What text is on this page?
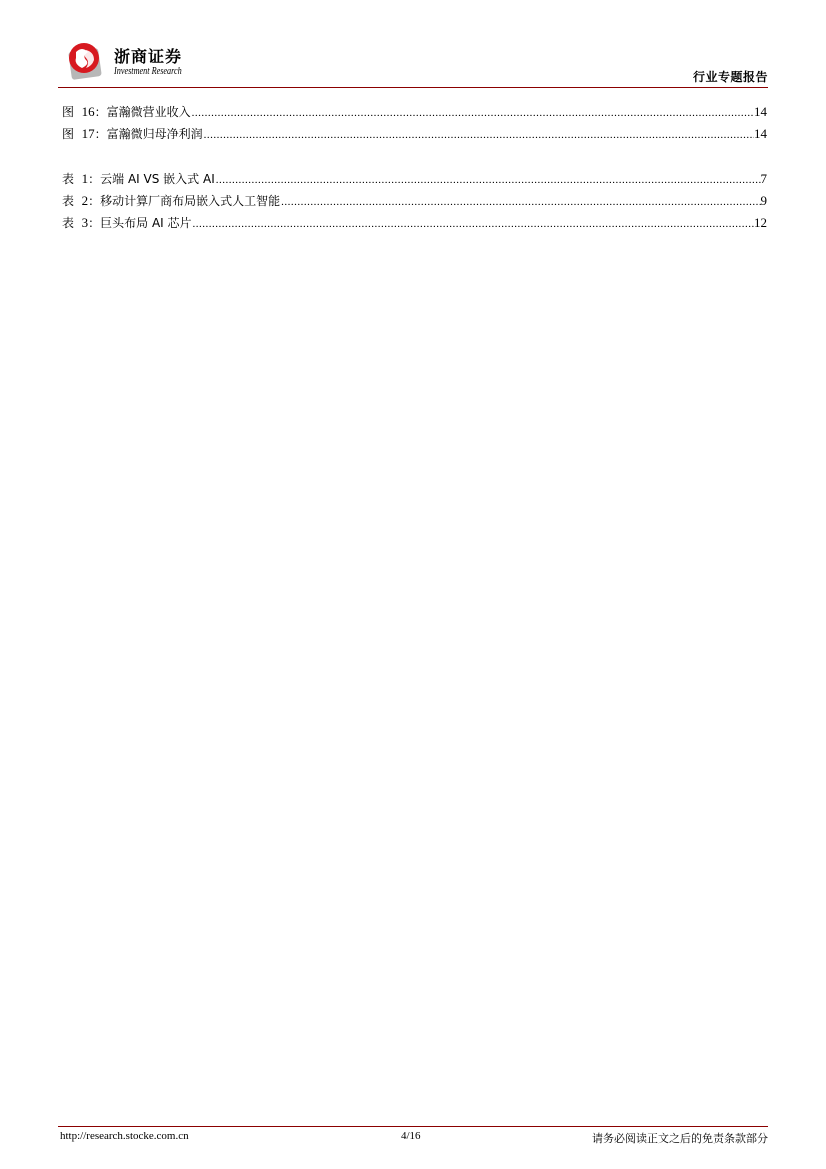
浙商证券
Investment Research	行业专题报告
图 16：富瀚微营业收入 .....	14
图 17：富瀚微归母净利润 .....	14
表 1：云端 AI VS 嵌入式 AI .....	7
表 2：移动计算厂商布局嵌入式人工智能 .....	9
表 3：巨头布局 AI 芯片 .....	12
http://research.stocke.com.cn	4/16	请务必阅读正文之后的免责条款部分
